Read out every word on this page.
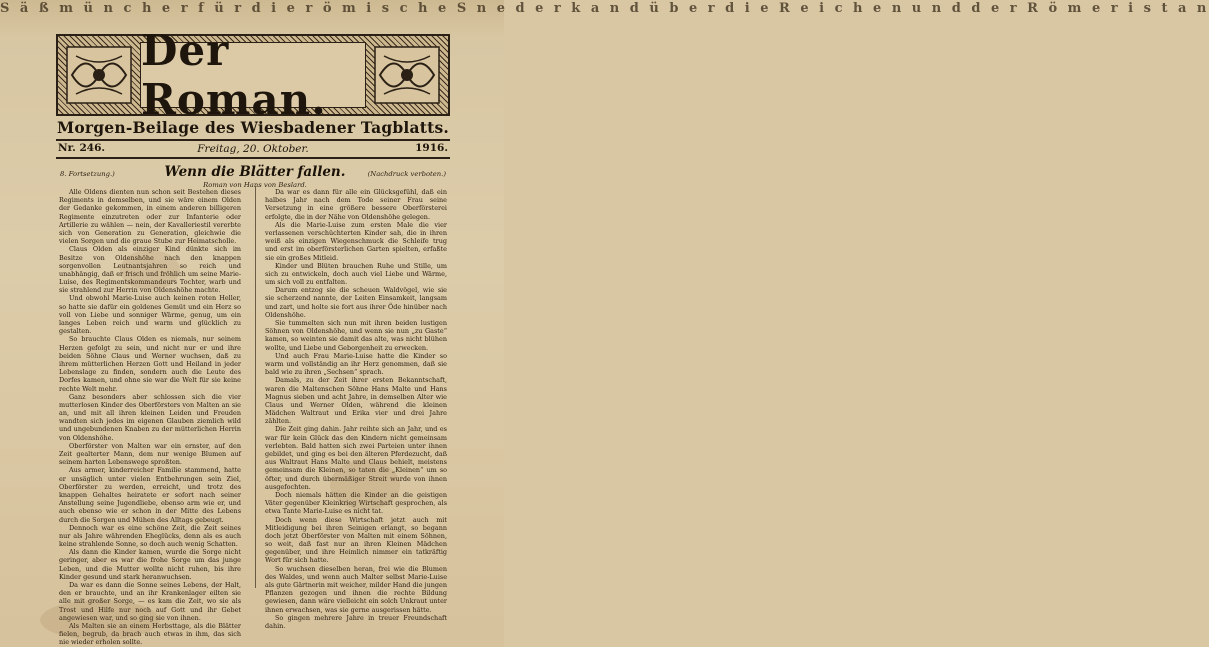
S ä ß m ü n c h e r f ü r d i e r ö m i s c h e S n e d e r k a n d ü b e r d i e R e i c h e n u n d d e r R ö m e r i s t a n
Der Roman.
Morgen-Beilage des Wiesbadener Tagblatts.
Nr. 246.	Freitag, 20. Oktober.	1916.
8. Fortsetzung.)	Wenn die Blätter fallen.	(Nachdruck verboten.)
Roman von Hans von Beslard.

Alle Oldens dienten nun schon seit Bestehen dieses Regiments in demselben, und sie wäre einem Olden der Gedanke gekommen, in einem anderen billigeren Regimente einzutreten oder zur Infanterie oder Artillerie zu wählen — nein, der Kavalleriestil vererbte sich von Generation zu Generation, gleichwie die vielen Sorgen und die graue Stube zur Heimatscholle.

Claus Olden als einziger Kind dünkte sich im Besitze von Oldenshöhe nach den knappen sorgenvollen Leutnantsjahren so reich und unabhängig, daß er frisch und fröhlich um seine Marie-Luise, des Regimentskommandeurs Tochter, warb und sie strahlend zur Herrin von Oldenshöhe machte.

Und obwohl Marie-Luise auch keinen roten Heller, so hatte sie dafür ein goldenes Gemüt und ein Herz so voll von Liebe und sonniger Wärme, genug, um ein langes Leben reich und warm und glücklich zu gestalten.

So brauchte Claus Olden es niemals, nur seinem Herzen gefolgt zu sein, und nicht nur er und ihre beiden Söhne Claus und Werner wuchsen, daß zu ihrem mütterlichen Herzen Gott und Heiland in jeder Lebenslage zu finden, sondern auch die Leute des Dorfes kamen, und ohne sie war die Welt für sie keine rechte Welt mehr.

Ganz besonders aber schlossen sich die vier mutterlosen Kinder des Oberförsters von Malten an sie an, und mit all ihren kleinen Leiden und Freuden wandten sich jedes im eigenen Glauben ziemlich wild und ungebundenen Knaben zu der mütterlichen Herrin von Oldenshöhe.

Oberförster von Malten war ein ernster, auf den Zeit gealterter Mann, dem nur wenige Blumen auf seinem harten Lebenswege sproßten.

Aus armer, kinderreicher Familie stammend, hatte er unsäglich unter vielen Entbehrungen sein Ziel, Oberförster zu werden, erreicht, und trotz des knappen Gehaltes heiratete er sofort nach seiner Anstellung seine Jugendliebe, ebenso arm wie er, und auch ebenso wie er schon in der Mitte des Lebens durch die Sorgen und Mühen des Alltags gebeugt.

Dennoch war es eine schöne Zeit, die Zeit seines nur als Jahre währenden Eheglücks, denn als es auch keine strahlende Sonne, so doch auch wenig Schatten.

Als dann die Kinder kamen, wurde die Sorge nicht geringer, aber es war die frohe Sorge um das junge Leben, und die Mutter wollte nicht ruhen, bis ihre Kinder gesund und stark heranwuchsen.

Da war es dann die Sonne seines Lebens, der Halt, den er brauchte, und an ihr Krankenlager eilten sie alle mit großer Sorge, — es kam die Zeit, wo sie als Trost und Hilfe nur noch auf Gott und ihr Gebet angewiesen war, und so ging sie von ihnen.

Als Malten sie an einem Herbsttage, als die Blätter fielen, begrub, da brach auch etwas in ihm, das sich nie wieder erholen sollte.

Da war es dann für alle ein Glücksgefühl, daß ein halbes Jahr nach dem Tode seiner Frau seine Versetzung in eine größere bessere Oberförsterei erfolgte, die in der Nähe von Oldenshöhe gelegen.

Als die Marie-Luise zum ersten Male die vier verlassenen verschüchterten Kinder sah, die in ihren weiß als einzigen Wiegenschmuck die Schleife trug und erst im oberförsterlichen Garten spielten, erfaßte sie ein großes Mitleid.

Kinder und Blüten brauchen Ruhe und Stille, um sich zu entwickeln, doch auch viel Liebe und Wärme, um sich voll zu entfalten.

Darum entzog sie die scheuen Waldvögel, wie sie sie scherzend nannte, der Leiten Einsamkeit, langsam und zart, und holte sie fort aus ihrer Öde hinüber nach Oldenshöhe.

Sie tummelten sich nun mit ihren beiden lustigen Söhnen von Oldenshöhe, und wenn sie nun „zu Gaste“ kamen, so weinten sie damit das alte, was nicht blühen wollte, und Liebe und Geborgenheit zu erwecken.

Und auch Frau Marie-Luise hatte die Kinder so warm und vollständig an ihr Herz genommen, daß sie bald wie zu ihren „Sechsen“ sprach.

Damals, zu der Zeit ihrer ersten Bekanntschaft, waren die Maltenschen Söhne Hans Malte und Hans Magnus sieben und acht Jahre, in demselben Alter wie Claus und Werner Olden, während die kleinen Mädchen Waltraut und Erika vier und drei Jahre zählten.

Die Zeit ging dahin. Jahr reihte sich an Jahr, und es war für kein Glück das den Kindern nicht gemeinsam verlebten. Bald hatten sich zwei Parteien unter ihnen gebildet, und ging es bei den älteren Pferdezucht, daß aus Waltraut Hans Malte und Claus behielt, meistens gemeinsam die Kleinen, so taten die „Kleinen“ um so öfter, und durch übermäßiger Streit wurde von ihnen ausgefochten.

Doch niemals hätten die Kinder an die geistigen Väter gegenüber Kleinkrieg Wirtschaft gesprochen, als etwa Tante Marie-Luise es nicht tat.

Doch wenn diese Wirtschaft jetzt auch mit Mitleidigung bei ihren Seinigen erlangt, so begann doch jetzt Oberförster von Malten mit einem Söhnen, so weit, daß fast nur an ihren Kleinen Mädchen gegenüber, und ihre Heimlich nimmer ein tatkräftig Wort für sich hatte.

So wuchsen dieselben heran, frei wie die Blumen des Waldes, und wenn auch Malter selbst Marie-Luise als gute Gärtnerin mit weicher, milder Hand die jungen Pflanzen gezogen und ihnen die rechte Bildung gewiesen, dann wäre vielleicht ein solch Unkraut unter ihnen erwachsen, was sie gerne ausgerissen hätte.

So gingen mehrere Jahre in treuer Freundschaft dahin.
